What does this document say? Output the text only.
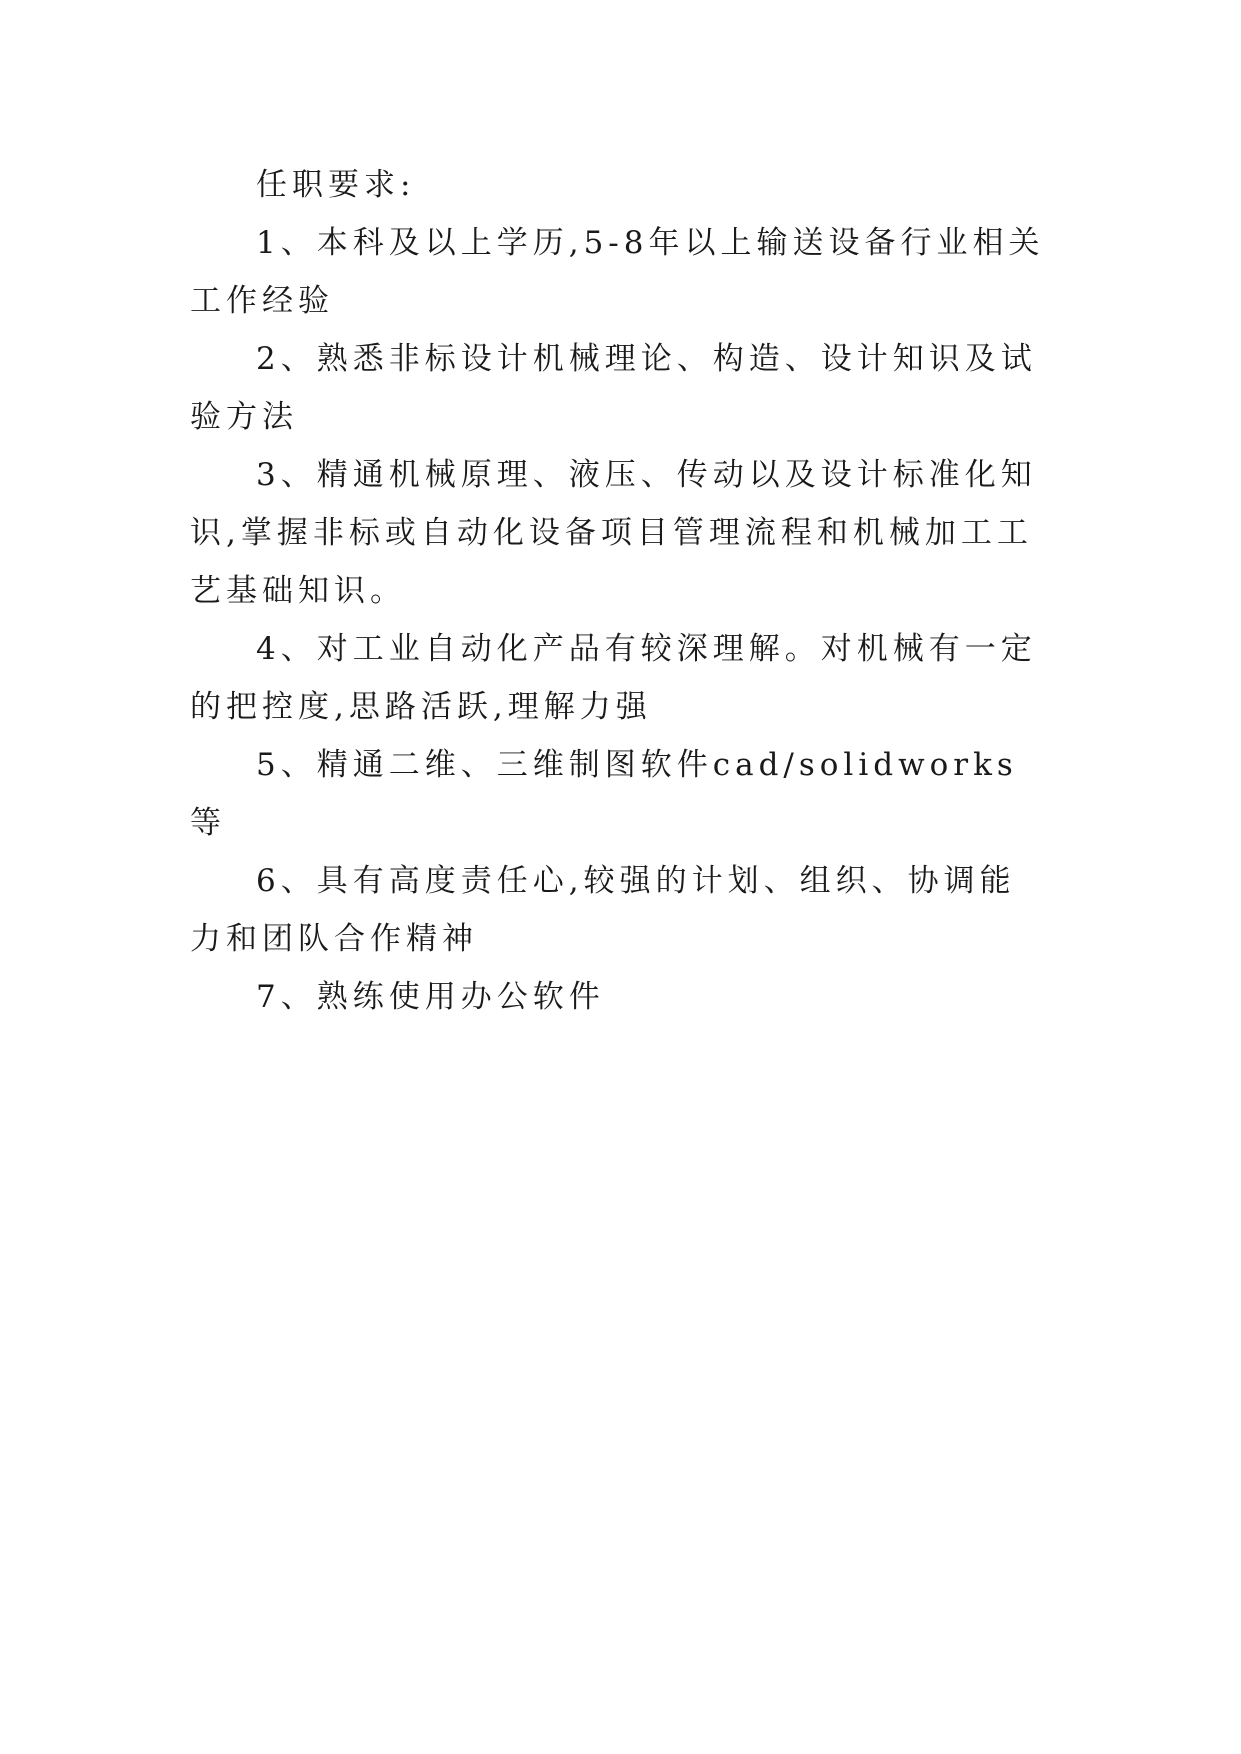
任职要求:

1、本科及以上学历,5-8年以上输送设备行业相关工作经验

2、熟悉非标设计机械理论、构造、设计知识及试验方法

3、精通机械原理、液压、传动以及设计标准化知识,掌握非标或自动化设备项目管理流程和机械加工工艺基础知识。

4、对工业自动化产品有较深理解。对机械有一定的把控度,思路活跃,理解力强

5、精通二维、三维制图软件cad/solidworks等

6、具有高度责任心,较强的计划、组织、协调能力和团队合作精神

7、熟练使用办公软件
